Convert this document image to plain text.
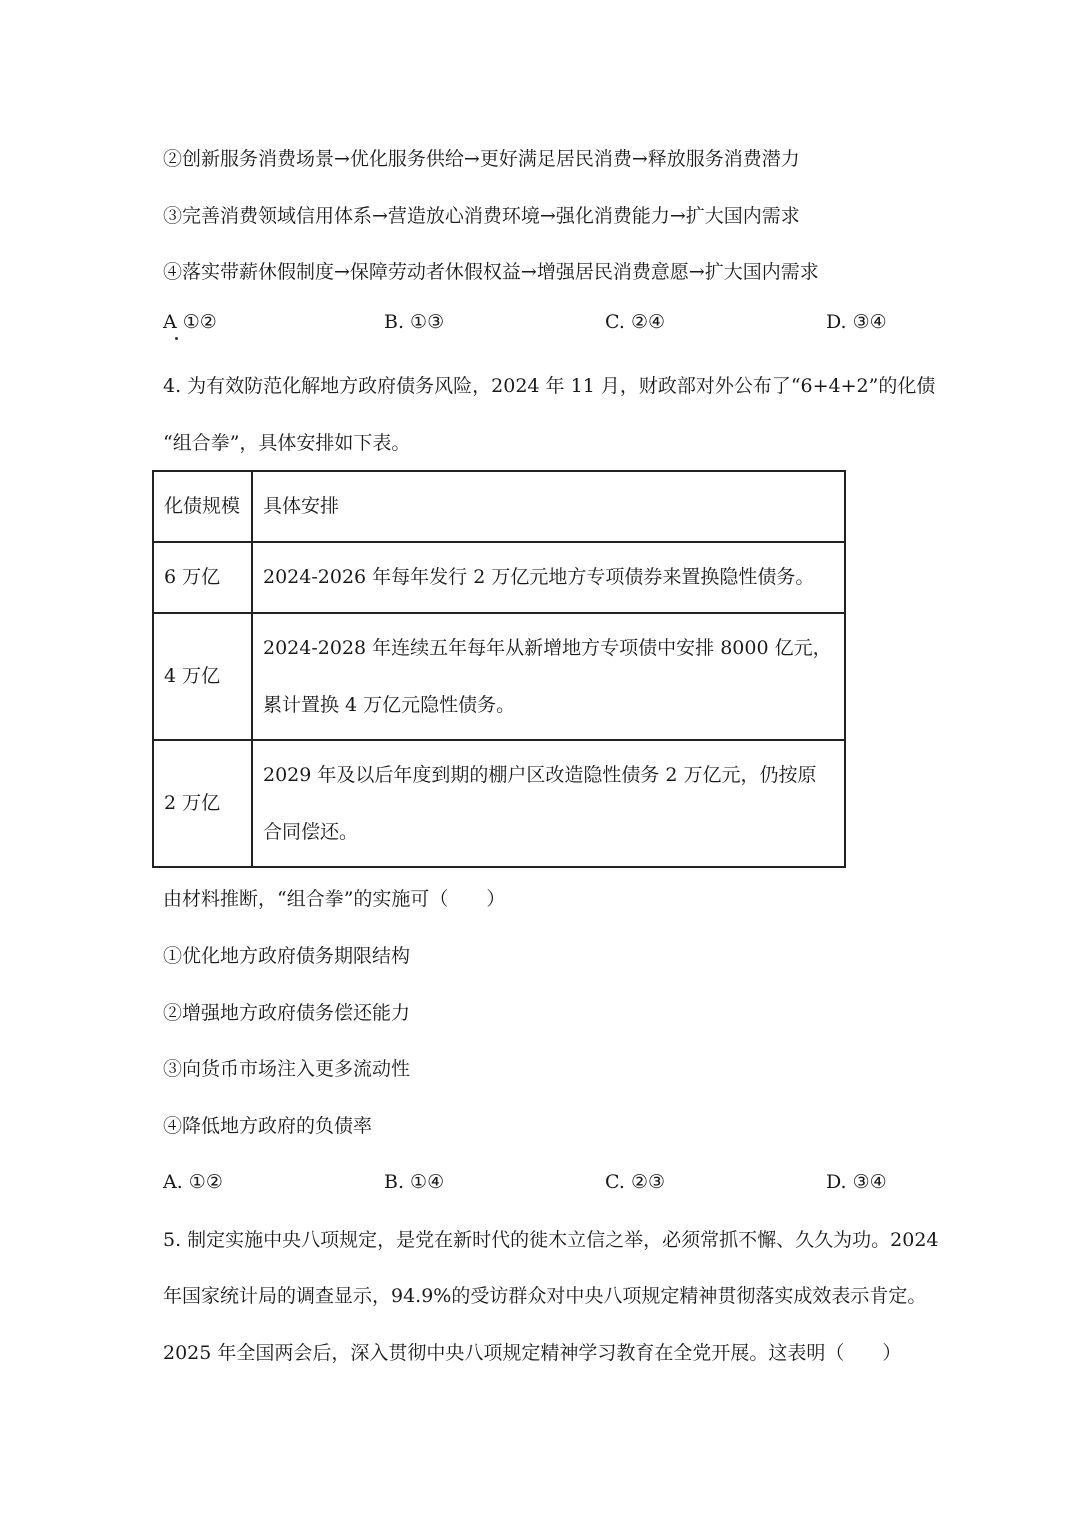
②创新服务消费场景→优化服务供给→更好满足居民消费→释放服务消费潜力
③完善消费领域信用体系→营造放心消费环境→强化消费能力→扩大国内需求
④落实带薪休假制度→保障劳动者休假权益→增强居民消费意愿→扩大国内需求
A ①②	B. ①③	C. ②④	D. ③④
4. 为有效防范化解地方政府债务风险，2024 年 11 月，财政部对外公布了“6+4+2”的化债
“组合拳”，具体安排如下表。
化债规模	具体安排
6 万亿	2024-2026 年每年发行 2 万亿元地方专项债券来置换隐性债务。
4 万亿	2024-2028 年连续五年每年从新增地方专项债中安排 8000 亿元，累计置换 4 万亿元隐性债务。
2 万亿	2029 年及以后年度到期的棚户区改造隐性债务 2 万亿元，仍按原合同偿还。
由材料推断，“组合拳”的实施可（　　）
①优化地方政府债务期限结构
②增强地方政府债务偿还能力
③向货币市场注入更多流动性
④降低地方政府的负债率
A. ①②	B. ①④	C. ②③	D. ③④
5. 制定实施中央八项规定，是党在新时代的徙木立信之举，必须常抓不懈、久久为功。2024
年国家统计局的调查显示，94.9%的受访群众对中央八项规定精神贯彻落实成效表示肯定。
2025 年全国两会后，深入贯彻中央八项规定精神学习教育在全党开展。这表明（　　）
